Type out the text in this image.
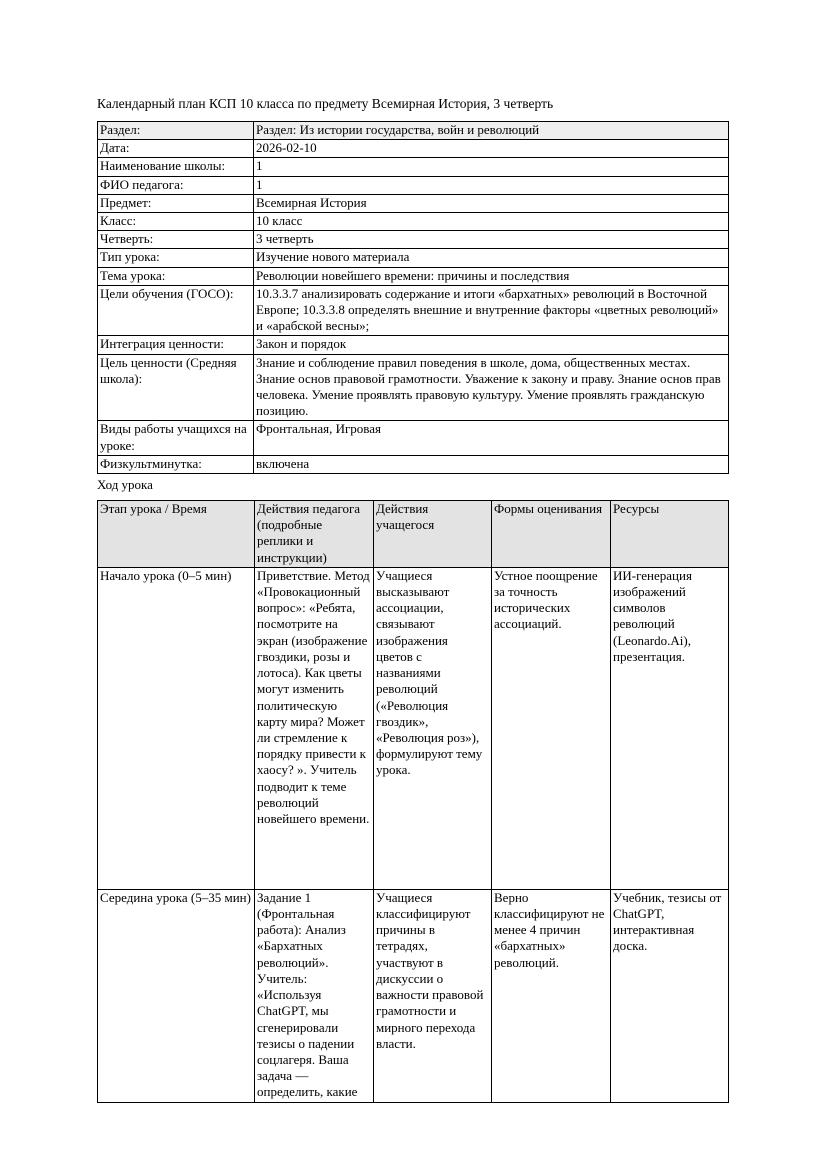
Календарный план КСП 10 класса по предмету Всемирная История, 3 четверть

Раздел:	Раздел: Из истории государства, войн и революций
Дата:	2026-02-10
Наименование школы:	1
ФИО педагога:	1
Предмет:	Всемирная История
Класс:	10 класс
Четверть:	3 четверть
Тип урока:	Изучение нового материала
Тема урока:	Революции новейшего времени: причины и последствия
Цели обучения (ГОСО):	10.3.3.7 анализировать содержание и итоги «бархатных» революций в Восточной Европе; 10.3.3.8 определять внешние и внутренние факторы «цветных революций» и «арабской весны»;
Интеграция ценности:	Закон и порядок
Цель ценности (Средняя школа):	Знание и соблюдение правил поведения в школе, дома, общественных местах. Знание основ правовой грамотности. Уважение к закону и праву. Знание основ прав человека. Умение проявлять правовую культуру. Умение проявлять гражданскую позицию.
Виды работы учащихся на уроке:	Фронтальная, Игровая
Физкультминутка:	включена

Ход урока

Этап урока / Время	Действия педагога (подробные реплики и инструкции)	Действия учащегося	Формы оценивания	Ресурсы
Начало урока (0–5 мин)	Приветствие. Метод «Провокационный вопрос»: «Ребята, посмотрите на экран (изображение гвоздики, розы и лотоса). Как цветы могут изменить политическую карту мира? Может ли стремление к порядку привести к хаосу? ». Учитель подводит к теме революций новейшего времени.	Учащиеся высказывают ассоциации, связывают изображения цветов с названиями революций («Революция гвоздик», «Революция роз»), формулируют тему урока.	Устное поощрение за точность исторических ассоциаций.	ИИ-генерация изображений символов революций (Leonardo.Ai), презентация.
Середина урока (5–35 мин)	Задание 1 (Фронтальная работа): Анализ «Бархатных революций». Учитель: «Используя ChatGPT, мы сгенерировали тезисы о падении соцлагеря. Ваша задача — определить, какие	Учащиеся классифицируют причины в тетрадях, участвуют в дискуссии о важности правовой грамотности и мирного перехода власти.	Верно классифицируют не менее 4 причин «бархатных» революций.	Учебник, тезисы от ChatGPT, интерактивная доска.
